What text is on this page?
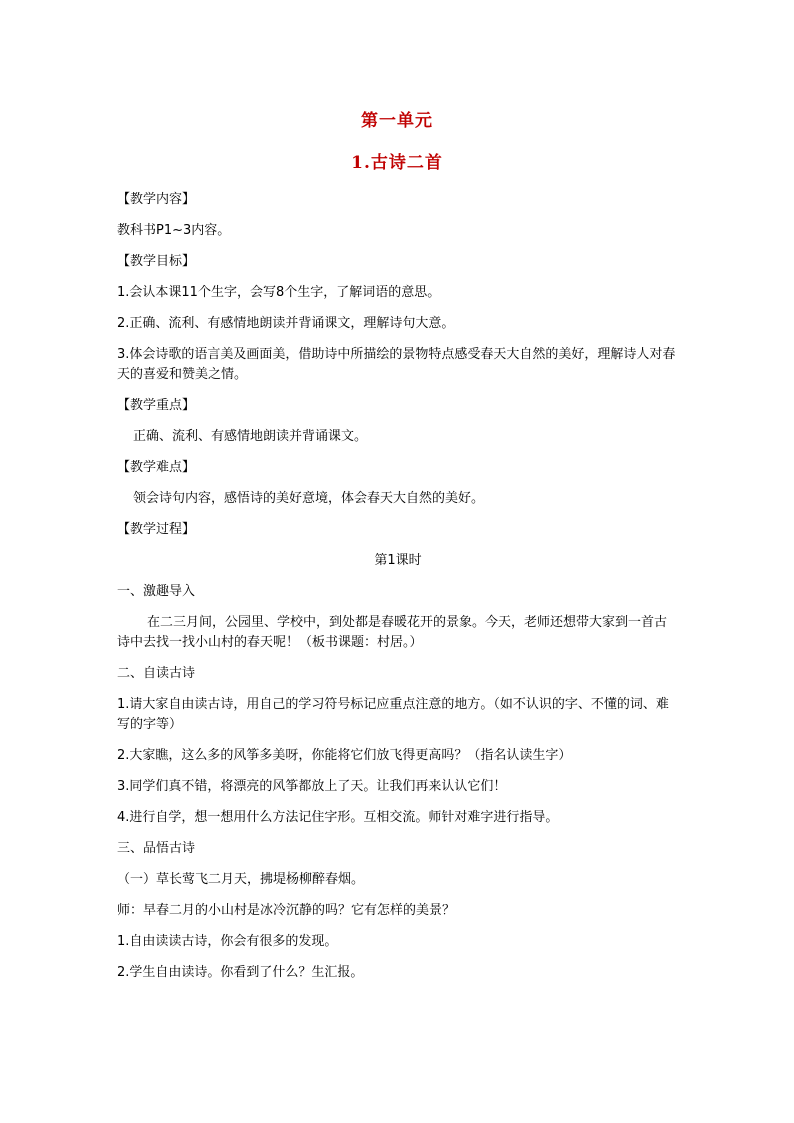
第一单元
1.古诗二首

【教学内容】

教科书P1~3内容。

【教学目标】

1.会认本课11个生字，会写8个生字，了解词语的意思。

2.正确、流利、有感情地朗读并背诵课文，理解诗句大意。

3.体会诗歌的语言美及画面美，借助诗中所描绘的景物特点感受春天大自然的美好，理解诗人对春天的喜爱和赞美之情。

【教学重点】

正确、流利、有感情地朗读并背诵课文。

【教学难点】

领会诗句内容，感悟诗的美好意境，体会春天大自然的美好。

【教学过程】

第1课时

一、激趣导入

在二三月间，公园里、学校中，到处都是春暖花开的景象。今天，老师还想带大家到一首古诗中去找一找小山村的春天呢！（板书课题：村居。）

二、自读古诗

1.请大家自由读古诗，用自己的学习符号标记应重点注意的地方。（如不认识的字、不懂的词、难写的字等）

2.大家瞧，这么多的风筝多美呀，你能将它们放飞得更高吗？（指名认读生字）

3.同学们真不错，将漂亮的风筝都放上了天。让我们再来认认它们！

4.进行自学，想一想用什么方法记住字形。互相交流。师针对难字进行指导。

三、品悟古诗

（一）草长莺飞二月天，拂堤杨柳醉春烟。

师：早春二月的小山村是冰冷沉静的吗？它有怎样的美景？

1.自由读读古诗，你会有很多的发现。

2.学生自由读诗。你看到了什么？生汇报。
